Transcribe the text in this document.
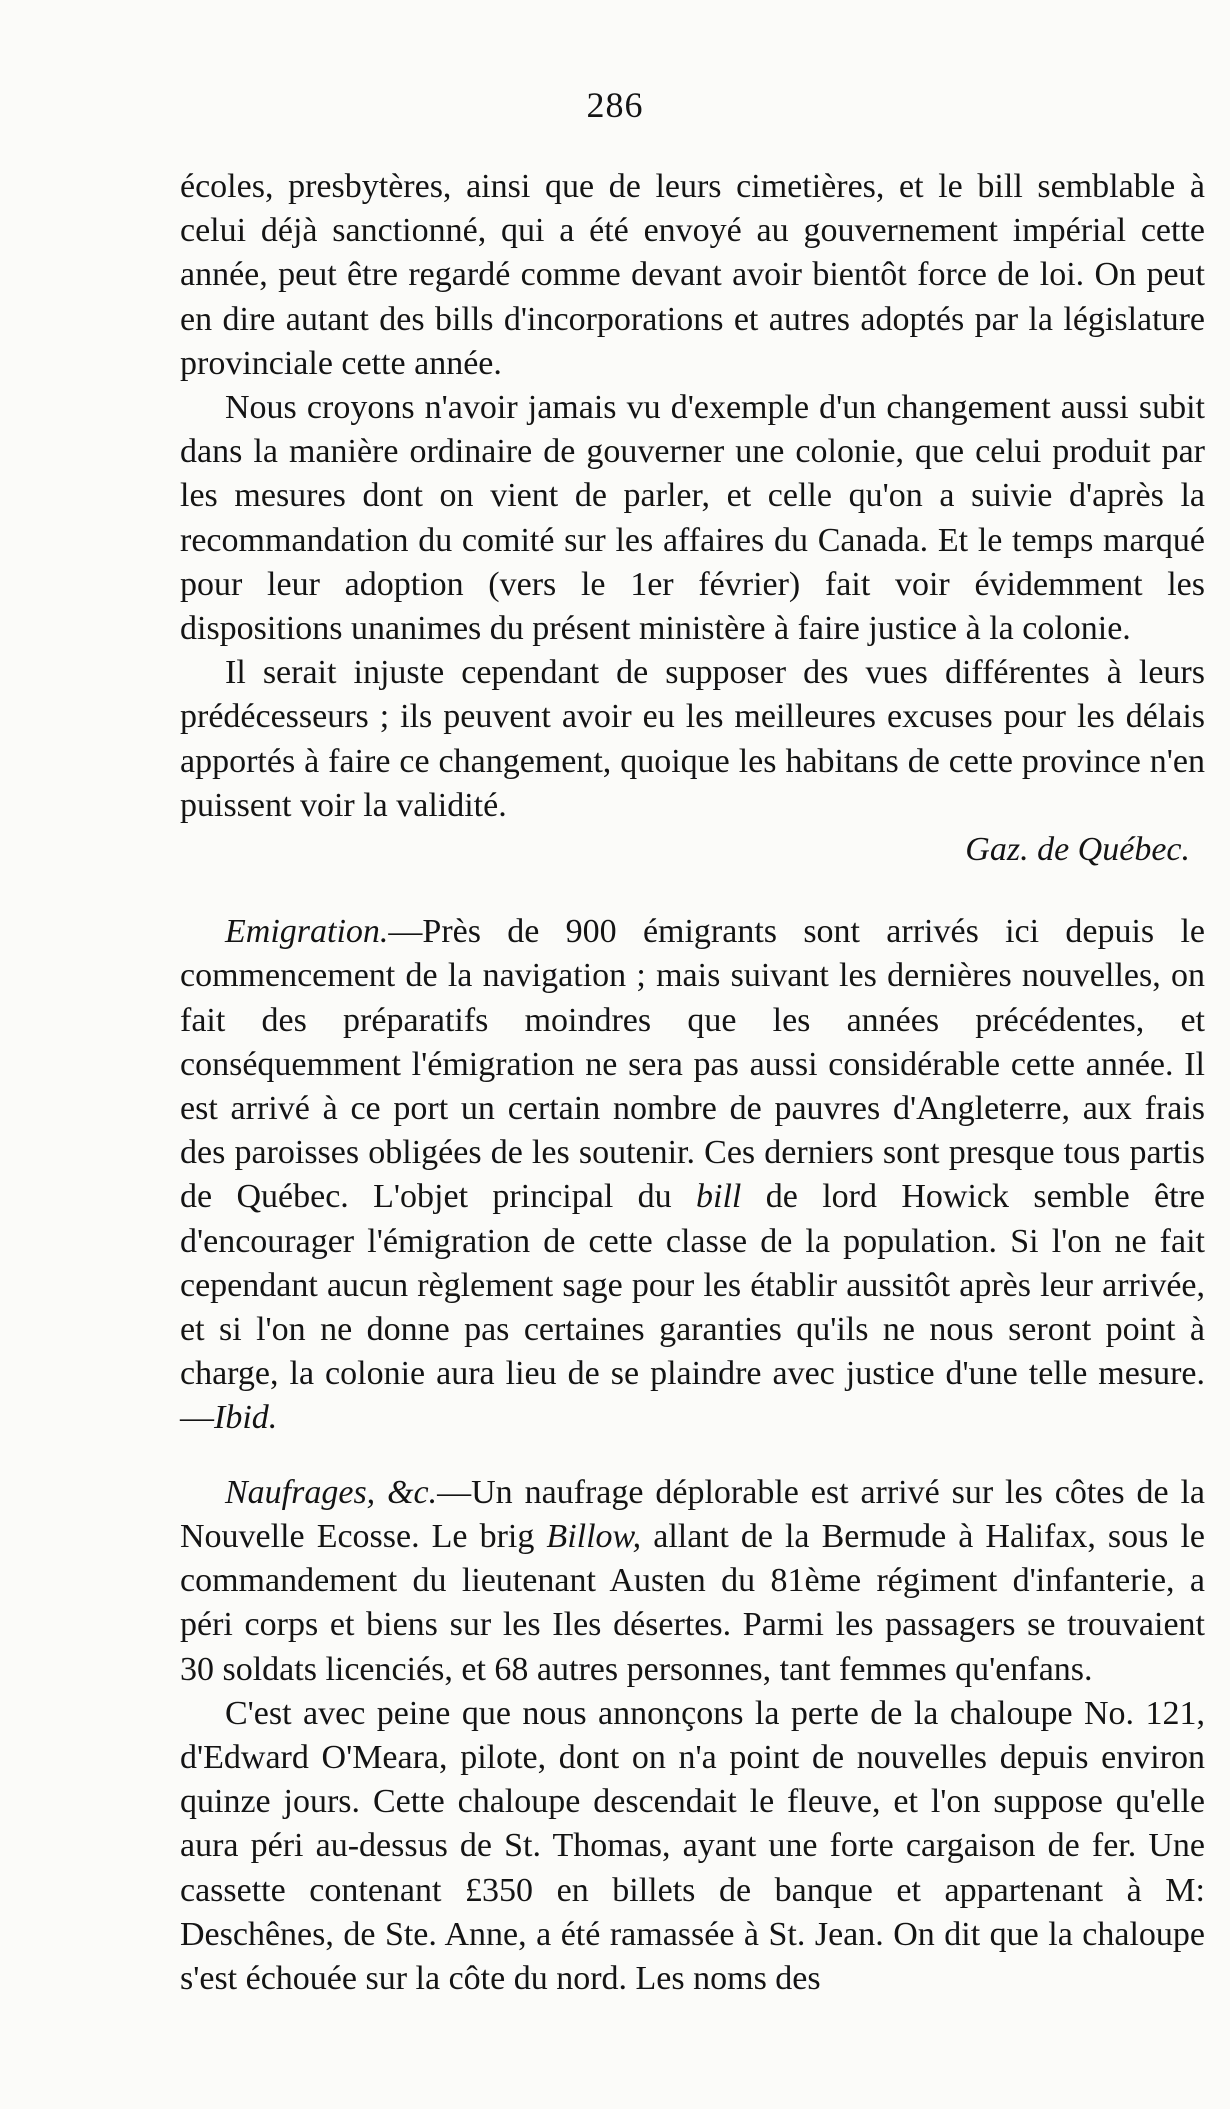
286

écoles, presbytères, ainsi que de leurs cimetières, et le bill semblable à celui déjà sanctionné, qui a été envoyé au gouvernement impérial cette année, peut être regardé comme devant avoir bientôt force de loi. On peut en dire autant des bills d'incorporations et autres adoptés par la législature provinciale cette année.

Nous croyons n'avoir jamais vu d'exemple d'un changement aussi subit dans la manière ordinaire de gouverner une colonie, que celui produit par les mesures dont on vient de parler, et celle qu'on a suivie d'après la recommandation du comité sur les affaires du Canada. Et le temps marqué pour leur adoption (vers le 1er février) fait voir évidemment les dispositions unanimes du présent ministère à faire justice à la colonie.

Il serait injuste cependant de supposer des vues différentes à leurs prédécesseurs ; ils peuvent avoir eu les meilleures excuses pour les délais apportés à faire ce changement, quoique les habitans de cette province n'en puissent voir la validité.

Gaz. de Québec.

Emigration.—Près de 900 émigrants sont arrivés ici depuis le commencement de la navigation ; mais suivant les dernières nouvelles, on fait des préparatifs moindres que les années précédentes, et conséquemment l'émigration ne sera pas aussi considérable cette année. Il est arrivé à ce port un certain nombre de pauvres d'Angleterre, aux frais des paroisses obligées de les soutenir. Ces derniers sont presque tous partis de Québec. L'objet principal du bill de lord Howick semble être d'encourager l'émigration de cette classe de la population. Si l'on ne fait cependant aucun règlement sage pour les établir aussitôt après leur arrivée, et si l'on ne donne pas certaines garanties qu'ils ne nous seront point à charge, la colonie aura lieu de se plaindre avec justice d'une telle mesure.—Ibid.

Naufrages, &c.—Un naufrage déplorable est arrivé sur les côtes de la Nouvelle Ecosse. Le brig Billow, allant de la Bermude à Halifax, sous le commandement du lieutenant Austen du 81ème régiment d'infanterie, a péri corps et biens sur les Iles désertes. Parmi les passagers se trouvaient 30 soldats licenciés, et 68 autres personnes, tant femmes qu'enfans.

C'est avec peine que nous annonçons la perte de la chaloupe No. 121, d'Edward O'Meara, pilote, dont on n'a point de nouvelles depuis environ quinze jours. Cette chaloupe descendait le fleuve, et l'on suppose qu'elle aura péri au-dessus de St. Thomas, ayant une forte cargaison de fer. Une cassette contenant £350 en billets de banque et appartenant à M: Deschênes, de Ste. Anne, a été ramassée à St. Jean. On dit que la chaloupe s'est échouée sur la côte du nord. Les noms des
